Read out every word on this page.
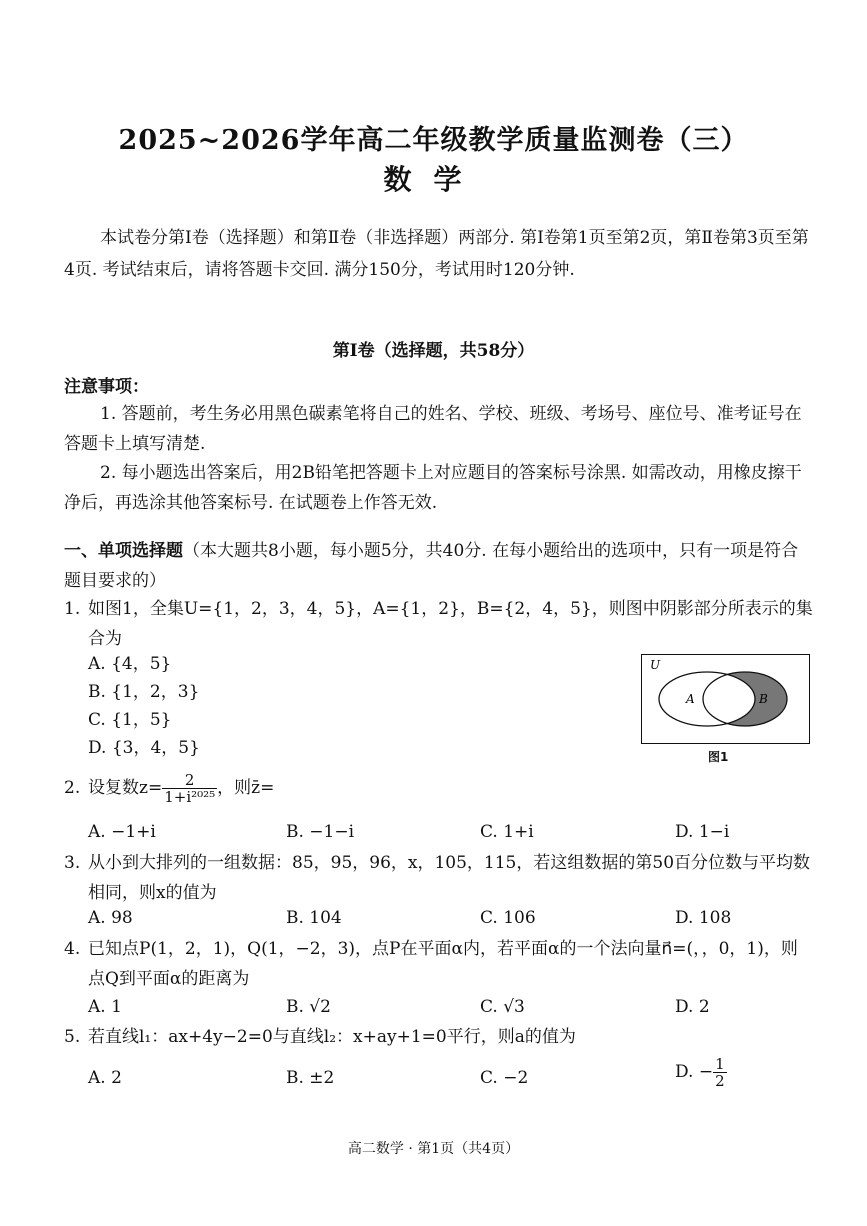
2025~2026学年高二年级教学质量监测卷（三）
数学
本试卷分第Ⅰ卷（选择题）和第Ⅱ卷（非选择题）两部分. 第Ⅰ卷第1页至第2页，第Ⅱ卷第3页至第4页. 考试结束后，请将答题卡交回. 满分150分，考试用时120分钟.
第Ⅰ卷（选择题，共58分）
注意事项：
1. 答题前，考生务必用黑色碳素笔将自己的姓名、学校、班级、考场号、座位号、准考证号在答题卡上填写清楚.
2. 每小题选出答案后，用2B铅笔把答题卡上对应题目的答案标号涂黑. 如需改动，用橡皮擦干净后，再选涂其他答案标号. 在试题卷上作答无效.
一、单项选择题（本大题共8小题，每小题5分，共40分. 在每小题给出的选项中，只有一项是符合题目要求的）
1. 如图1，全集U={1，2，3，4，5}，A={1，2}，B={2，4，5}，则图中阴影部分所表示的集合为
A. {4，5}
B. {1，2，3}
C. {1，5}
D. {3，4，5}
U
A	B
图1
2. 设复数$z= \frac{2}{\text{1+i²⁰²⁵}}$ ，则z̄=
A. −1+i	B. −1−i	C. 1+i	D. 1−i
3. 从小到大排列的一组数据：85，95，96，x，105，115，若这组数据的第50百分位数与平均数相同，则x的值为
A. 98	B. 104	C. 106	D. 108
4. 已知点P(1，2，1)，Q(1，−2，3)，点P在平面α内，若平面α的一个法向量n⃗=(，，0，1)，则点Q到平面α的距离为
A. 1	B. √2	C. √3	D. 2
5. 若直线l₁：ax+4y−2=0与直线l₂：x+ay+1=0平行，则a的值为
A. 2	B. ±2	C. −2	D. − $\frac{1}{2}$
高二数学 · 第1页（共4页）
